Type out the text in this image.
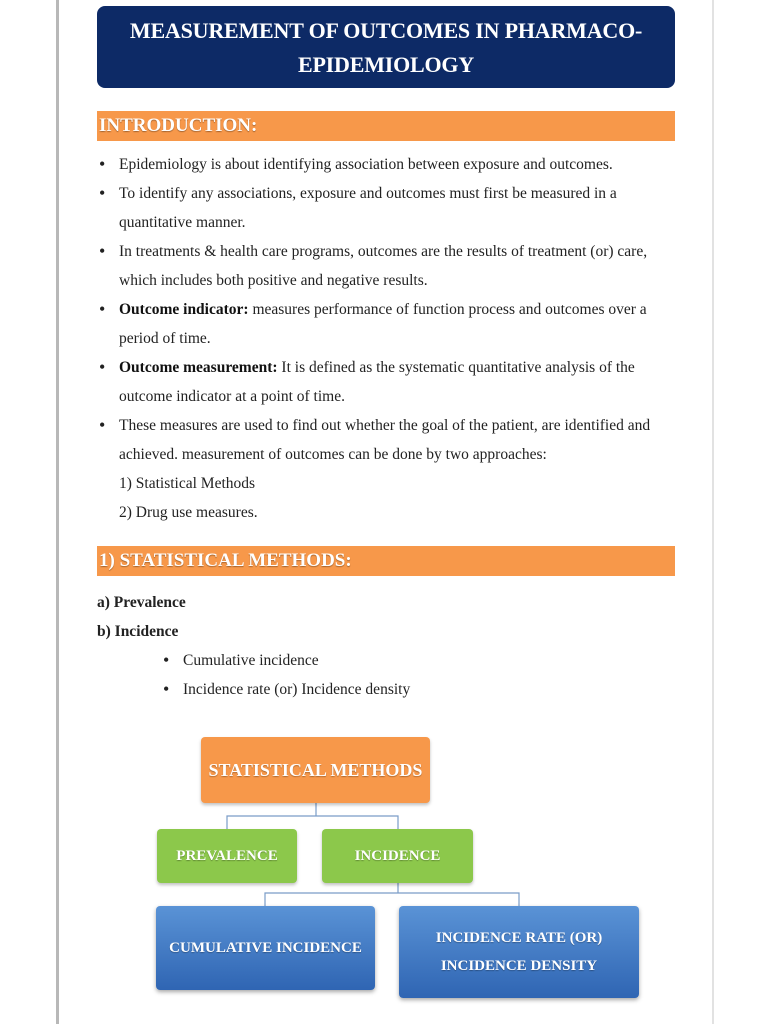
MEASUREMENT OF OUTCOMES IN PHARMACO-
EPIDEMIOLOGY
INTRODUCTION:
• Epidemiology is about identifying association between exposure and outcomes.
• To identify any associations, exposure and outcomes must first be measured in a quantitative manner.
• In treatments & health care programs, outcomes are the results of treatment (or) care, which includes both positive and negative results.
• Outcome indicator: measures performance of function process and outcomes over a period of time.
• Outcome measurement: It is defined as the systematic quantitative analysis of the outcome indicator at a point of time.
• These measures are used to find out whether the goal of the patient, are identified and achieved. measurement of outcomes can be done by two approaches:
1) Statistical Methods
2) Drug use measures.
1) STATISTICAL METHODS:
a) Prevalence
b) Incidence
• Cumulative incidence
• Incidence rate (or) Incidence density
STATISTICAL METHODS
PREVALENCE	INCIDENCE
CUMULATIVE INCIDENCE
INCIDENCE RATE (OR)
INCIDENCE DENSITY
